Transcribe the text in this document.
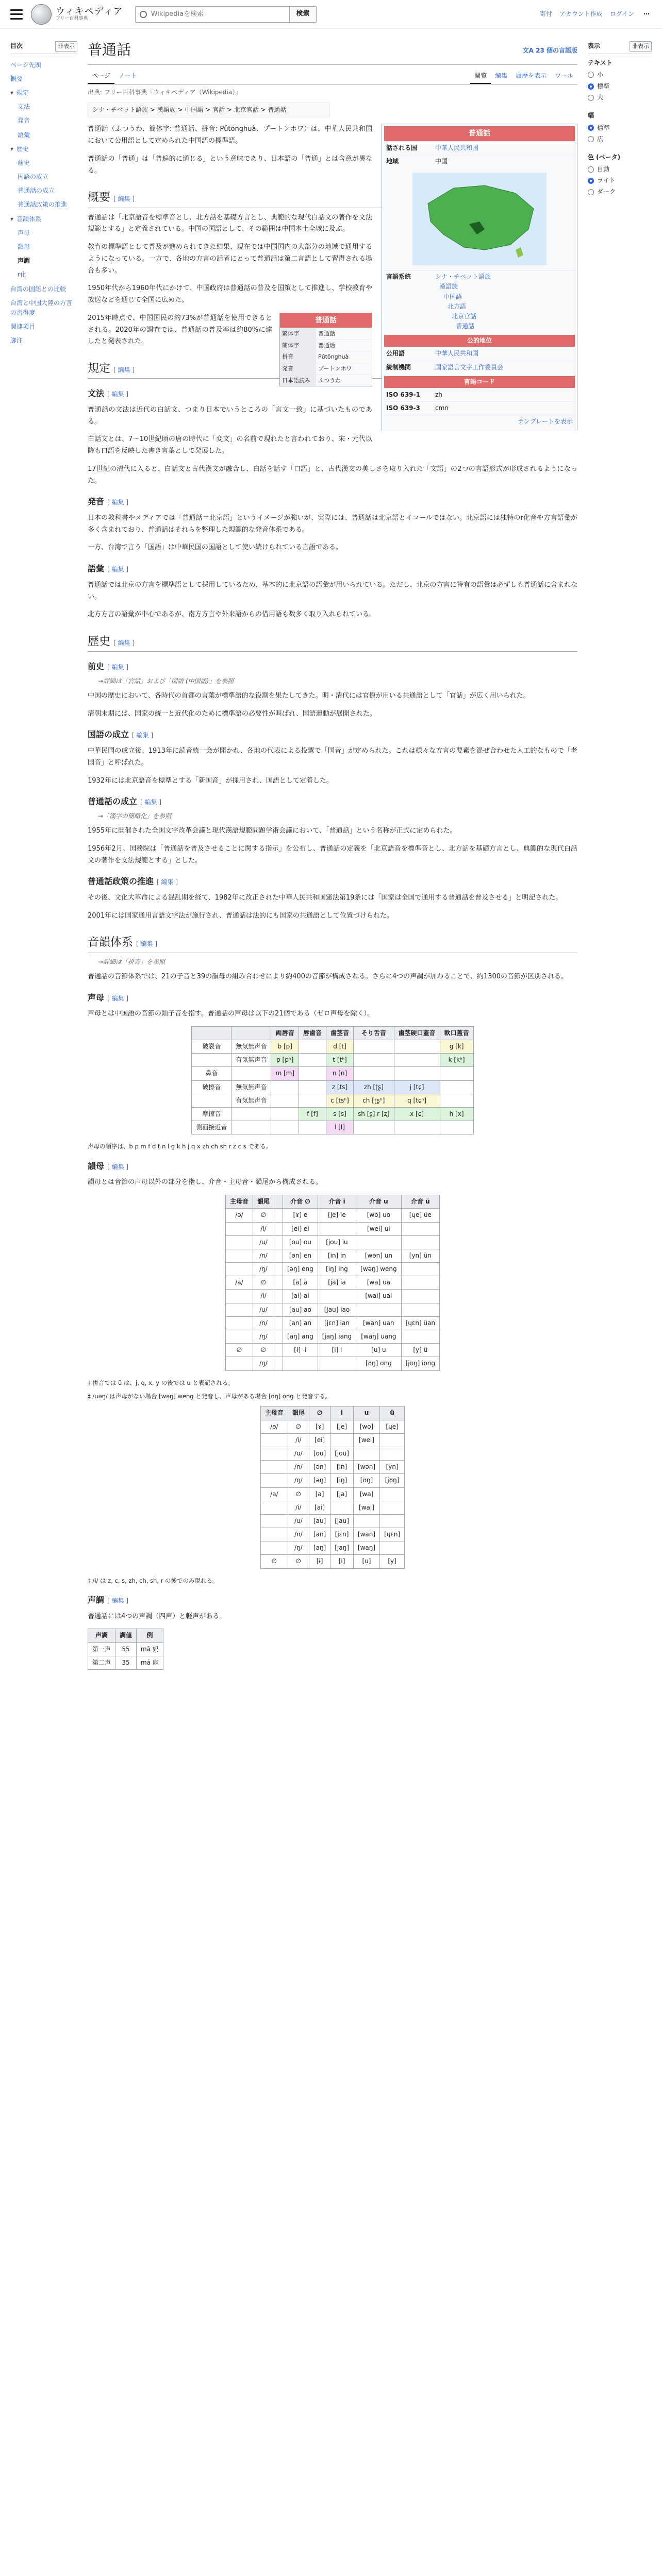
ウィキペディア
フリー百科事典
Wikipediaを検索
検索	寄付 アカウント作成 ログイン	⋯
目次	非表示
ページ先頭
概要
▾ 規定
文法
発音
語彙
▾ 歴史
前史
国語の成立
普通話の成立
普通話政策の推進
▾ 音韻体系
声母
韻母
声調
r化
台湾の国語との比較
台湾と中国大陸の方言の習得度
関連項目
脚注
表示	非表示
テキスト
小
標準
大
幅
標準
広
色 (ベータ)
自動
ライト
ダーク
普通話	文A 23 個の言語版
ページ	ノート	閲覧	編集	履歴を表示	ツール
出典: フリー百科事典『ウィキペディア（Wikipedia）』
シナ・チベット語族 > 漢語族 > 中国語 > 官話 > 北京官話 > 普通話
普通話
話される国	中華人民共和国
地域	中国
言語系統	シナ・チベット語族
漢語族
中国語
北方語
北京官話
普通話
公的地位
公用語	中華人民共和国
統制機関	国家語言文字工作委員会
言語コード
ISO 639-1	zh
ISO 639-3	cmn
テンプレートを表示

普通話（ふつうわ、簡体字: 普通话、拼音: Pǔtōnghuà、プートンホワ）は、中華人民共和国において公用語として定められた中国語の標準語。

普通話の「普通」は「普遍的に通じる」という意味であり、日本語の「普通」とは含意が異なる。

概要 [ 編集 ]

普通話は「北京語音を標準音とし、北方話を基礎方言とし、典範的な現代白話文の著作を文法規範とする」と定義されている。中国の国語として、その範囲は中国本土全域に及ぶ。

教育の標準語として普及が進められてきた結果、現在では中国国内の大部分の地域で通用するようになっている。一方で、各地の方言の話者にとって普通話は第二言語として習得される場合も多い。

1950年代から1960年代にかけて、中国政府は普通話の普及を国策として推進し、学校教育や放送などを通じて全国に広めた。

普通話
繁体字	普通話
簡体字	普通话
拼音	Pǔtōnghuà
発音	プートンホワ
日本語読み	ふつうわ

2015年時点で、中国国民の約73%が普通話を使用できるとされる。2020年の調査では、普通話の普及率は約80%に達したと発表された。

規定 [ 編集 ]
文法 [ 編集 ]

普通話の文法は近代の白話文、つまり日本でいうところの「言文一致」に基づいたものである。

白話文とは、7～10世紀頃の唐の時代に「変文」の名前で現れたと言われており、宋・元代以降も口語を反映した書き言葉として発展した。

17世紀の清代に入ると、白話文と古代漢文が融合し、白話を話す「口語」と、古代漢文の美しさを取り入れた「文語」の2つの言語形式が形成されるようになった。

発音 [ 編集 ]

日本の教科書やメディアでは「普通話＝北京語」というイメージが強いが、実際には、普通話は北京語とイコールではない。北京語には独特のr化音や方言語彙が多く含まれており、普通話はそれらを整理した規範的な発音体系である。

一方、台湾で言う「国語」は中華民国の国語として使い続けられている言語である。

語彙 [ 編集 ]

普通話では北京の方言を標準語として採用しているため、基本的に北京語の語彙が用いられている。ただし、北京の方言に特有の語彙は必ずしも普通話に含まれない。

北方方言の語彙が中心であるが、南方方言や外来語からの借用語も数多く取り入れられている。

歴史 [ 編集 ]
前史 [ 編集 ]
→詳細は「官話」および「国語 (中国語)」を参照

中国の歴史において、各時代の首都の言葉が標準語的な役割を果たしてきた。明・清代には官僚が用いる共通語として「官話」が広く用いられた。

清朝末期には、国家の統一と近代化のために標準語の必要性が叫ばれ、国語運動が展開された。

国語の成立 [ 編集 ]

中華民国の成立後、1913年に読音統一会が開かれ、各地の代表による投票で「国音」が定められた。これは様々な方言の要素を混ぜ合わせた人工的なもので「老国音」と呼ばれた。

1932年には北京語音を標準とする「新国音」が採用され、国語として定着した。

普通話の成立 [ 編集 ]
→「漢字の簡略化」を参照

1955年に開催された全国文字改革会議と現代漢語規範問題学術会議において、「普通話」という名称が正式に定められた。

1956年2月、国務院は「普通話を普及させることに関する指示」を公布し、普通話の定義を「北京語音を標準音とし、北方話を基礎方言とし、典範的な現代白話文の著作を文法規範とする」とした。

普通話政策の推進 [ 編集 ]

その後、文化大革命による混乱期を経て、1982年に改正された中華人民共和国憲法第19条には「国家は全国で通用する普通話を普及させる」と明記された。

2001年には国家通用言語文字法が施行され、普通話は法的にも国家の共通語として位置づけられた。

音韻体系 [ 編集 ]
→詳細は「拼音」を参照

普通話の音節体系では、21の子音と39の韻母の組み合わせにより約400の音節が構成される。さらに4つの声調が加わることで、約1300の音節が区別される。

声母 [ 編集 ]

声母とは中国語の音節の頭子音を指す。普通話の声母は以下の21個である（ゼロ声母を除く）。

		両唇音	唇歯音	歯茎音	そり舌音	歯茎硬口蓋音	軟口蓋音
破裂音	無気無声音	b [p]		d [t]			g [k]
	有気無声音	p [pʰ]		t [tʰ]			k [kʰ]
鼻音		m [m]		n [n]			
破擦音	無気無声音			z [ts]	zh [ʈʂ]	j [tɕ]	
	有気無声音			c [tsʰ]	ch [ʈʂʰ]	q [tɕʰ]	
摩擦音			f [f]	s [s]	sh [ʂ] r [ʐ]	x [ɕ]	h [x]
側面接近音				l [l]			
声母の順序は、b p m f d t n l g k h j q x zh ch sh r z c s である。
韻母 [ 編集 ]

韻母とは音節の声母以外の部分を指し、介音・主母音・韻尾から構成される。

主母音	韻尾		介音 ∅	介音 i	介音 u	介音 ü
/ə/	∅		[ɤ] e	[je] ie	[wo] uo	[ɥe] üe
	/i/		[ei] ei		[wei] ui	
	/u/		[ou] ou	[jou] iu		
	/n/		[ən] en	[in] in	[wən] un	[yn] ün
	/ŋ/		[əŋ] eng	[iŋ] ing	[wəŋ] weng	
/a/	∅		[a] a	[ja] ia	[wa] ua	
	/i/		[ai] ai		[wai] uai	
	/u/		[au] ao	[jau] iao		
	/n/		[an] an	[jɛn] ian	[wan] uan	[ɥɛn] üan
	/ŋ/		[aŋ] ang	[jaŋ] iang	[waŋ] uang	
∅	∅		[ɨ] -i	[i] i	[u] u	[y] ü
	/ŋ/				[ʊŋ] ong	[jʊŋ] iong
† 拼音では ü は、j, q, x, y の後では u と表記される。
‡ /uəŋ/ は声母がない場合 [wəŋ] weng と発音し、声母がある場合 [ʊŋ] ong と発音する。
主母音	韻尾	∅	i	u	ü
/ə/	∅	[ɤ]	[je]	[wo]	[ɥe]
	/i/	[ei]		[wei]	
	/u/	[ou]	[jou]		
	/n/	[ən]	[in]	[wən]	[yn]
	/ŋ/	[əŋ]	[iŋ]	[ʊŋ]	[jʊŋ]
/a/	∅	[a]	[ja]	[wa]	
	/i/	[ai]		[wai]	
	/u/	[au]	[jau]		
	/n/	[an]	[jɛn]	[wan]	[ɥɛn]
	/ŋ/	[aŋ]	[jaŋ]	[waŋ]	
∅	∅	[ɨ]	[i]	[u]	[y]
† /ɨ/ は z, c, s, zh, ch, sh, r の後でのみ現れる。
声調 [ 編集 ]

普通話には4つの声調（四声）と軽声がある。

声調	調値	例
第一声	55	mā 妈
第二声	35	má 麻
